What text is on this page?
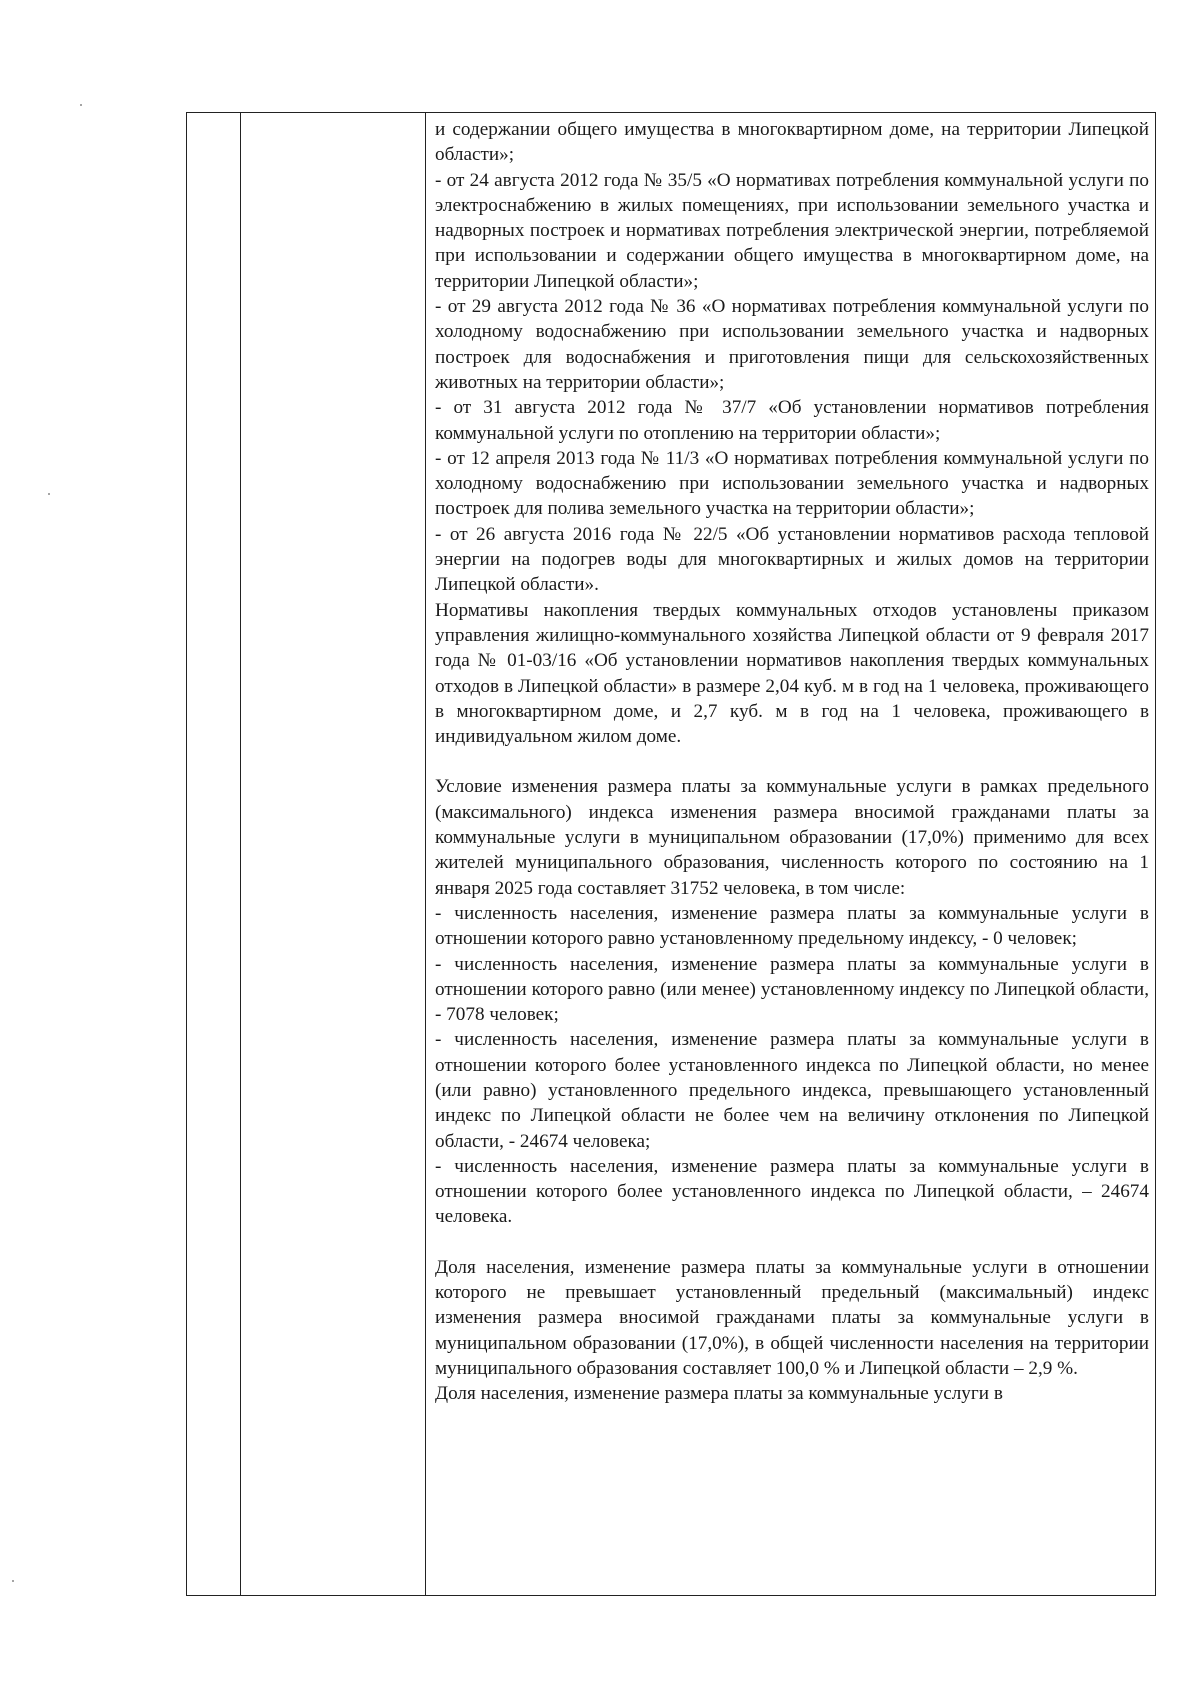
и содержании общего имущества в многоквартирном доме, на территории Липецкой области»;

- от 24 августа 2012 года № 35/5 «О нормативах потребления коммунальной услуги по электроснабжению в жилых помещениях, при использовании земельного участка и надворных построек и нормативах потребления электрической энергии, потребляемой при использовании и содержании общего имущества в многоквартирном доме, на территории Липецкой области»;

- от 29 августа 2012 года № 36 «О нормативах потребления коммунальной услуги по холодному водоснабжению при использовании земельного участка и надворных построек для водоснабжения и приготовления пищи для сельскохозяйственных животных на территории области»;

- от 31 августа 2012 года № 37/7 «Об установлении нормативов потребления коммунальной услуги по отоплению на территории области»;

- от 12 апреля 2013 года № 11/3 «О нормативах потребления коммунальной услуги по холодному водоснабжению при использовании земельного участка и надворных построек для полива земельного участка на территории области»;

- от 26 августа 2016 года № 22/5 «Об установлении нормативов расхода тепловой энергии на подогрев воды для многоквартирных и жилых домов на территории Липецкой области».

Нормативы накопления твердых коммунальных отходов установлены приказом управления жилищно-коммунального хозяйства Липецкой области от 9 февраля 2017 года № 01-03/16 «Об установлении нормативов накопления твердых коммунальных отходов в Липецкой области» в размере 2,04 куб. м в год на 1 человека, проживающего в многоквартирном доме, и 2,7 куб. м в год на 1 человека, проживающего в индивидуальном жилом доме.

Условие изменения размера платы за коммунальные услуги в рамках предельного (максимального) индекса изменения размера вносимой гражданами платы за коммунальные услуги в муниципальном образовании (17,0%) применимо для всех жителей муниципального образования, численность которого по состоянию на 1 января 2025 года составляет 31752 человека, в том числе:

- численность населения, изменение размера платы за коммунальные услуги в отношении которого равно установленному предельному индексу, - 0 человек;

- численность населения, изменение размера платы за коммунальные услуги в отношении которого равно (или менее) установленному индексу по Липецкой области, - 7078 человек;

- численность населения, изменение размера платы за коммунальные услуги в отношении которого более установленного индекса по Липецкой области, но менее (или равно) установленного предельного индекса, превышающего установленный индекс по Липецкой области не более чем на величину отклонения по Липецкой области, - 24674 человека;

- численность населения, изменение размера платы за коммунальные услуги в отношении которого более установленного индекса по Липецкой области, – 24674 человека.

Доля населения, изменение размера платы за коммунальные услуги в отношении которого не превышает установленный предельный (максимальный) индекс изменения размера вносимой гражданами платы за коммунальные услуги в муниципальном образовании (17,0%), в общей численности населения на территории муниципального образования составляет 100,0 % и Липецкой области – 2,9 %.

Доля населения, изменение размера платы за коммунальные услуги в
